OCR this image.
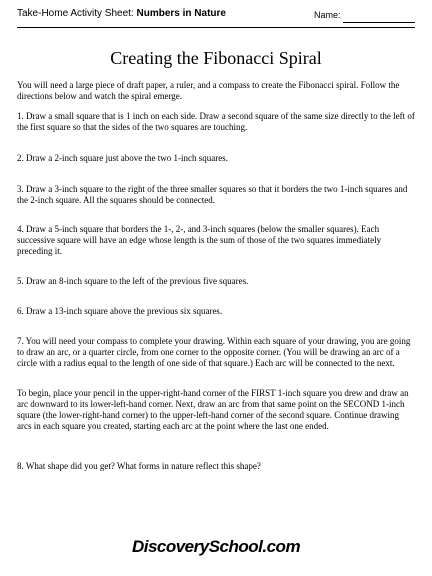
Take-Home Activity Sheet: Numbers in Nature	Name:
Creating the Fibonacci Spiral
You will need a large piece of draft paper, a ruler, and a compass to create the Fibonacci spiral. Follow the directions below and watch the spiral emerge.
1. Draw a small square that is 1 inch on each side. Draw a second square of the same size directly to the left of the first square so that the sides of the two squares are touching.
2. Draw a 2-inch square just above the two 1-inch squares.
3. Draw a 3-inch square to the right of the three smaller squares so that it borders the two 1-inch squares and the 2-inch square. All the squares should be connected.
4. Draw a 5-inch square that borders the 1-, 2-, and 3-inch squares (below the smaller squares). Each successive square will have an edge whose length is the sum of those of the two squares immediately preceding it.
5. Draw an 8-inch square to the left of the previous five squares.
6. Draw a 13-inch square above the previous six squares.
7. You will need your compass to complete your drawing. Within each square of your drawing, you are going to draw an arc, or a quarter circle, from one corner to the opposite corner. (You will be drawing an arc of a circle with a radius equal to the length of one side of that square.) Each arc will be connected to the next.
To begin, place your pencil in the upper-right-hand corner of the FIRST 1-inch square you drew and draw an arc downward to its lower-left-hand corner. Next, draw an arc from that same point on the SECOND 1-inch square (the lower-right-hand corner) to the upper-left-hand corner of the second square. Continue drawing arcs in each square you created, starting each arc at the point where the last one ended.
8. What shape did you get? What forms in nature reflect this shape?
DiscoverySchool.com
